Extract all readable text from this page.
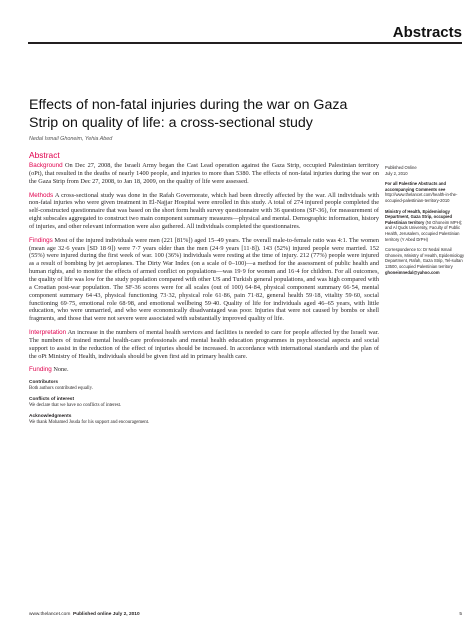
Abstracts
Effects of non-fatal injuries during the war on Gaza Strip on quality of life: a cross-sectional study
Nedal Ismail Ghoneim, Yehia Abed
Abstract

Background On Dec 27, 2008, the Israeli Army began the Cast Lead operation against the Gaza Strip, occupied Palestinian territory (oPt), that resulted in the deaths of nearly 1400 people, and injuries to more than 5380. The effects of non-fatal injuries during the war on the Gaza Strip from Dec 27, 2008, to Jan 18, 2009, on the quality of life were assessed.

Methods A cross-sectional study was done in the Rafah Governorate, which had been directly affected by the war. All individuals with non-fatal injuries who were given treatment in El-Najjar Hospital were enrolled in this study. A total of 274 injured people completed the self-constructed questionnaire that was based on the short form health survey questionnaire with 36 questions (SF-36), for measurement of eight subscales aggregated to construct two main component summary measures—physical and mental. Demographic information, history of injuries, and other relevant information were also gathered. All individuals completed the questionnaires.

Findings Most of the injured individuals were men (221 [81%]) aged 15–49 years. The overall male-to-female ratio was 4:1. The women (mean age 32·6 years [SD 18·9]) were 7·7 years older than the men (24·9 years [11·8]). 143 (52%) injured people were married. 152 (55%) were injured during the first week of war. 100 (36%) individuals were resting at the time of injury. 212 (77%) people were injured as a result of bombing by jet aeroplanes. The Dirty War Index (on a scale of 0–100)—a method for the assessment of public health and human rights, and to monitor the effects of armed conflict on populations—was 19·9 for women and 16·4 for children. For all outcomes, the quality of life was low for the study population compared with other US and Turkish general populations, and was high compared with a Croatian post-war population. The SF-36 scores were for all scales (out of 100) 64·84, physical component summary 66·54, mental component summary 64·43, physical functioning 73·32, physical role 61·86, pain 71·82, general health 59·18, vitality 59·60, social functioning 69·75, emotional role 68·98, and emotional wellbeing 59·40. Quality of life for individuals aged 46–65 years, with little education, who were unmarried, and who were economically disadvantaged was poor. Injuries that were not caused by bombs or shell fragments, and those that were not severe were associated with substantially improved quality of life.

Interpretation An increase in the numbers of mental health services and facilities is needed to care for people affected by the Israeli war. The numbers of trained mental health-care professionals and mental health education programmes in psychosocial aspects and social support to assist in the reduction of the effect of injuries should be increased. In accordance with international standards and the plan of the oPt Ministry of Health, individuals should be given first aid in primary health care.

Funding None.

Contributors
Both authors contributed equally.
Conflicts of interest
We declare that we have no conflicts of interest.
Acknowledgments
We thank Mohamed Jouda for his support and encouragement.
Published Online
July 2, 2010
For all Palestine Abstracts and accompanying Comments see
http://www.thelancet.com/health-in-the-occupied-palestinian-territory-2010
Ministry of Health, Epidemiology Department, Gaza Strip, occupied Palestinian territory (NI Ghoneim MPH); and Al Quds University, Faculty of Public Health, Jerusalem, occupied Palestinian territory (Y Abed DrPH)
Correspondence to: Dr Nedal Ismail Ghoneim, Ministry of Health, Epidemiology Department, Rafah, Gaza Strip, Tel-sultan 13500, occupied Palestinian territory
ghoneimnedal@yahoo.com
www.thelancet.com Published online July 2, 2010	5
